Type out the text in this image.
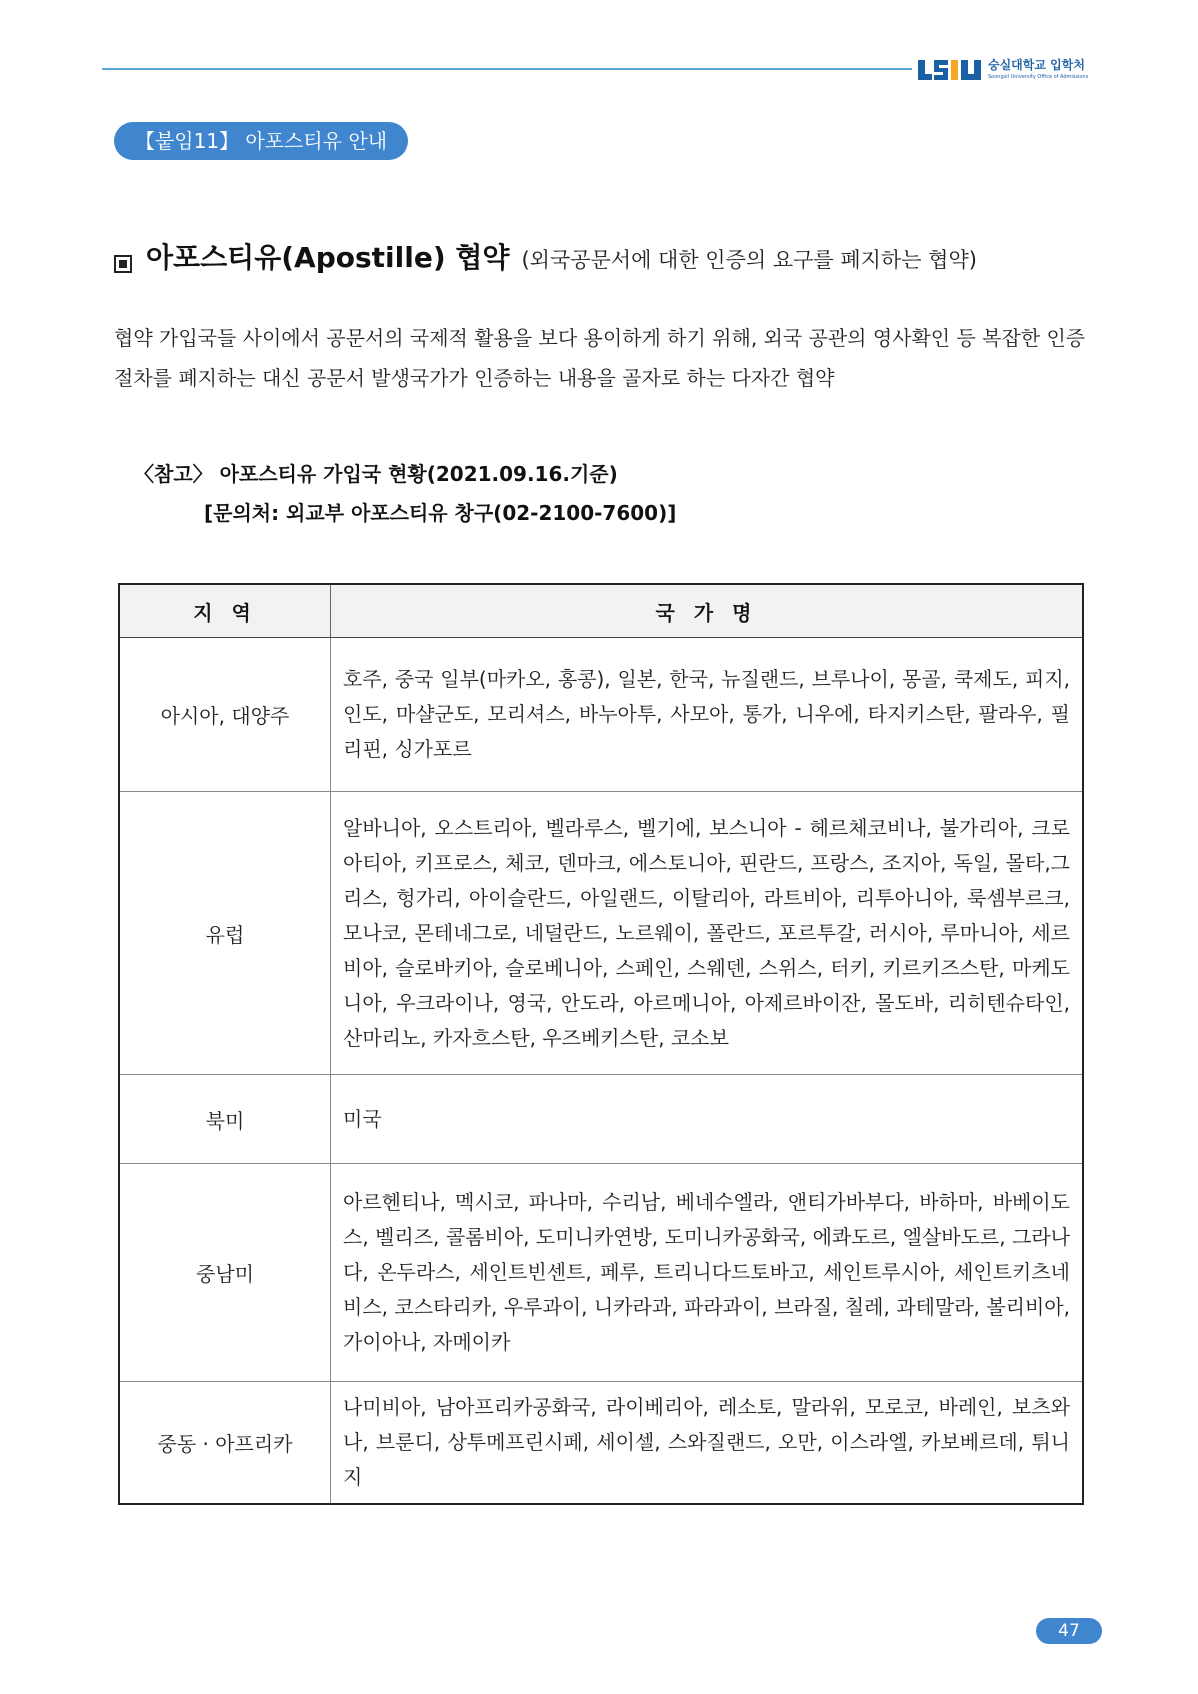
숭실대학교 입학처
Soongsil University Office of Admissions
【붙임11】 아포스티유 안내
아포스티유(Apostille) 협약 (외국공문서에 대한 인증의 요구를 폐지하는 협약)
협약 가입국들 사이에서 공문서의 국제적 활용을 보다 용이하게 하기 위해, 외국 공관의 영사확인 등 복잡한 인증 절차를 폐지하는 대신 공문서 발생국가가 인증하는 내용을 골자로 하는 다자간 협약
〈참고〉 아포스티유 가입국 현황(2021.09.16.기준)
[문의처: 외교부 아포스티유 창구(02-2100-7600)]
지 역	국 가 명
아시아, 대양주	호주, 중국 일부(마카오, 홍콩), 일본, 한국, 뉴질랜드, 브루나이, 몽골, 쿡제도, 피지, 인도, 마샬군도, 모리셔스, 바누아투, 사모아, 통가, 니우에, 타지키스탄, 팔라우, 필리핀, 싱가포르
유럽	알바니아, 오스트리아, 벨라루스, 벨기에, 보스니아 - 헤르체코비나, 불가리아, 크로아티아, 키프로스, 체코, 덴마크, 에스토니아, 핀란드, 프랑스, 조지아, 독일, 몰타,그리스, 헝가리, 아이슬란드, 아일랜드, 이탈리아, 라트비아, 리투아니아, 룩셈부르크,모나코, 몬테네그로, 네덜란드, 노르웨이, 폴란드, 포르투갈, 러시아, 루마니아, 세르비아, 슬로바키아, 슬로베니아, 스페인, 스웨덴, 스위스, 터키, 키르키즈스탄, 마케도니아, 우크라이나, 영국, 안도라, 아르메니아, 아제르바이잔, 몰도바, 리히텐슈타인, 산마리노, 카자흐스탄, 우즈베키스탄, 코소보
북미	미국
중남미	아르헨티나, 멕시코, 파나마, 수리남, 베네수엘라, 앤티가바부다, 바하마, 바베이도스, 벨리즈, 콜롬비아, 도미니카연방, 도미니카공화국, 에콰도르, 엘살바도르, 그라나다, 온두라스, 세인트빈센트, 페루, 트리니다드토바고, 세인트루시아, 세인트키츠네비스, 코스타리카, 우루과이, 니카라과, 파라과이, 브라질, 칠레, 과테말라, 볼리비아, 가이아나, 자메이카
중동 · 아프리카	나미비아, 남아프리카공화국, 라이베리아, 레소토, 말라위, 모로코, 바레인, 보츠와나, 브룬디, 상투메프린시페, 세이셀, 스와질랜드, 오만, 이스라엘, 카보베르데, 튀니지
47
